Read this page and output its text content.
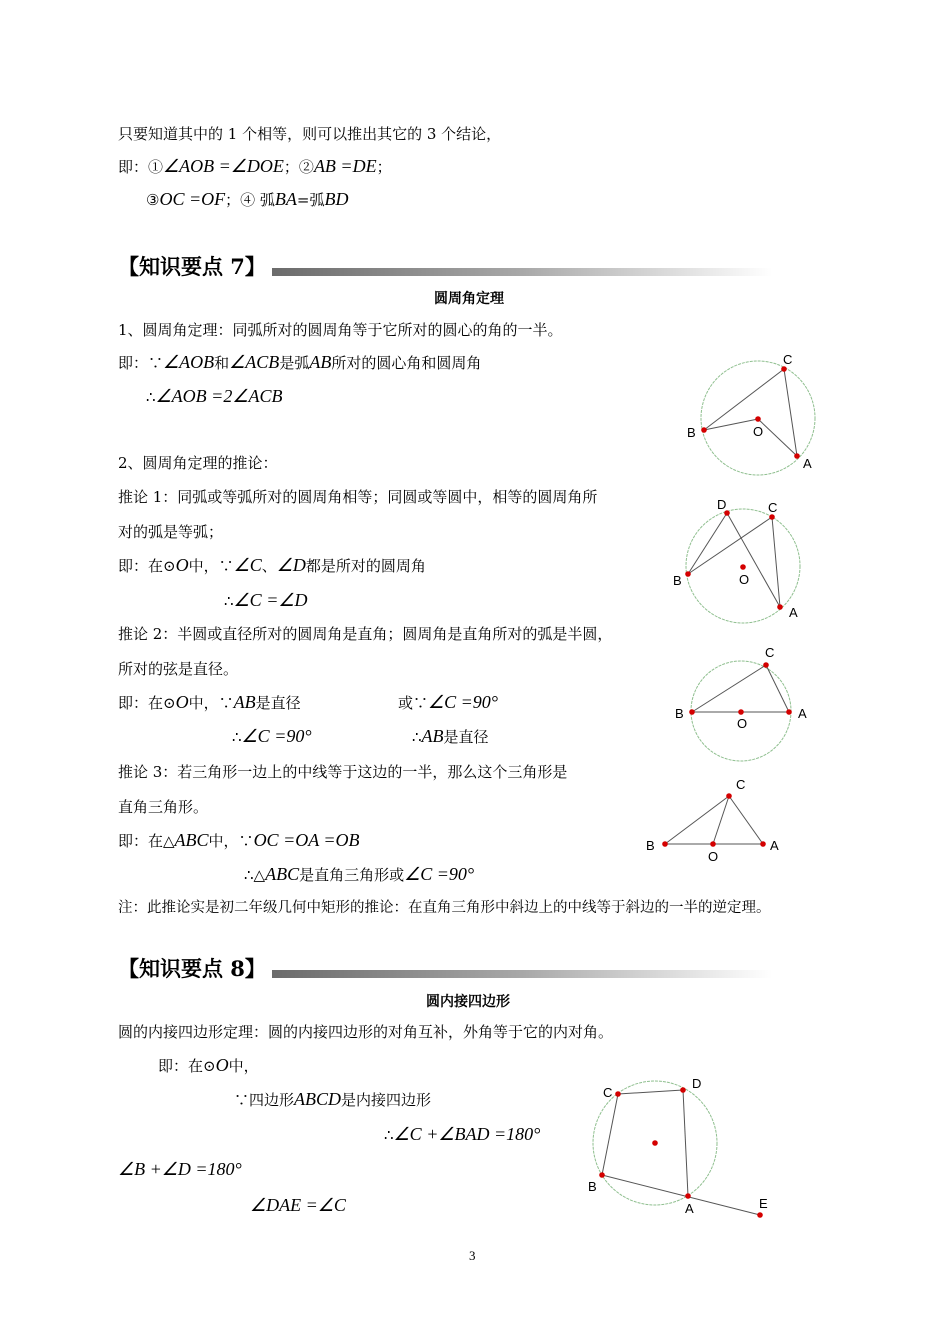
只要知道其中的 1 个相等，则可以推出其它的 3 个结论，
即：①∠AOB =∠DOE；②AB =DE；
③OC =OF；④ 弧BA=弧BD
【知识要点 7】
圆周角定理
1、圆周角定理：同弧所对的圆周角等于它所对的圆心的角的一半。
即：∵∠AOB和∠ACB是弧AB所对的圆心角和圆周角
∴∠AOB =2∠ACB
2、圆周角定理的推论：
推论 1：同弧或等弧所对的圆周角相等；同圆或等圆中，相等的圆周角所
对的弧是等弧；
即：在⊙O中，∵∠C、∠D都是所对的圆周角
∴∠C =∠D
推论 2：半圆或直径所对的圆周角是直角；圆周角是直角所对的弧是半圆，
所对的弦是直径。
即：在⊙O中，∵AB是直径	或∵∠C =90°
∴∠C =90°	∴AB是直径
推论 3：若三角形一边上的中线等于这边的一半，那么这个三角形是
直角三角形。
即：在△ABC中，∵OC =OA =OB
∴△ABC是直角三角形或∠C =90°
注：此推论实是初二年级几何中矩形的推论：在直角三角形中斜边上的中线等于斜边的一半的逆定理。
【知识要点 8】
圆内接四边形
圆的内接四边形定理：圆的内接四边形的对角互补，外角等于它的内对角。
即：在⊙O中，
∵四边形ABCD是内接四边形
∴∠C +∠BAD =180°
∠B +∠D =180°
∠DAE =∠C
C
B	O
A
D	C
B	O
A
C
B
O
A
C
B
O
A
C
D
B
A	E
3
